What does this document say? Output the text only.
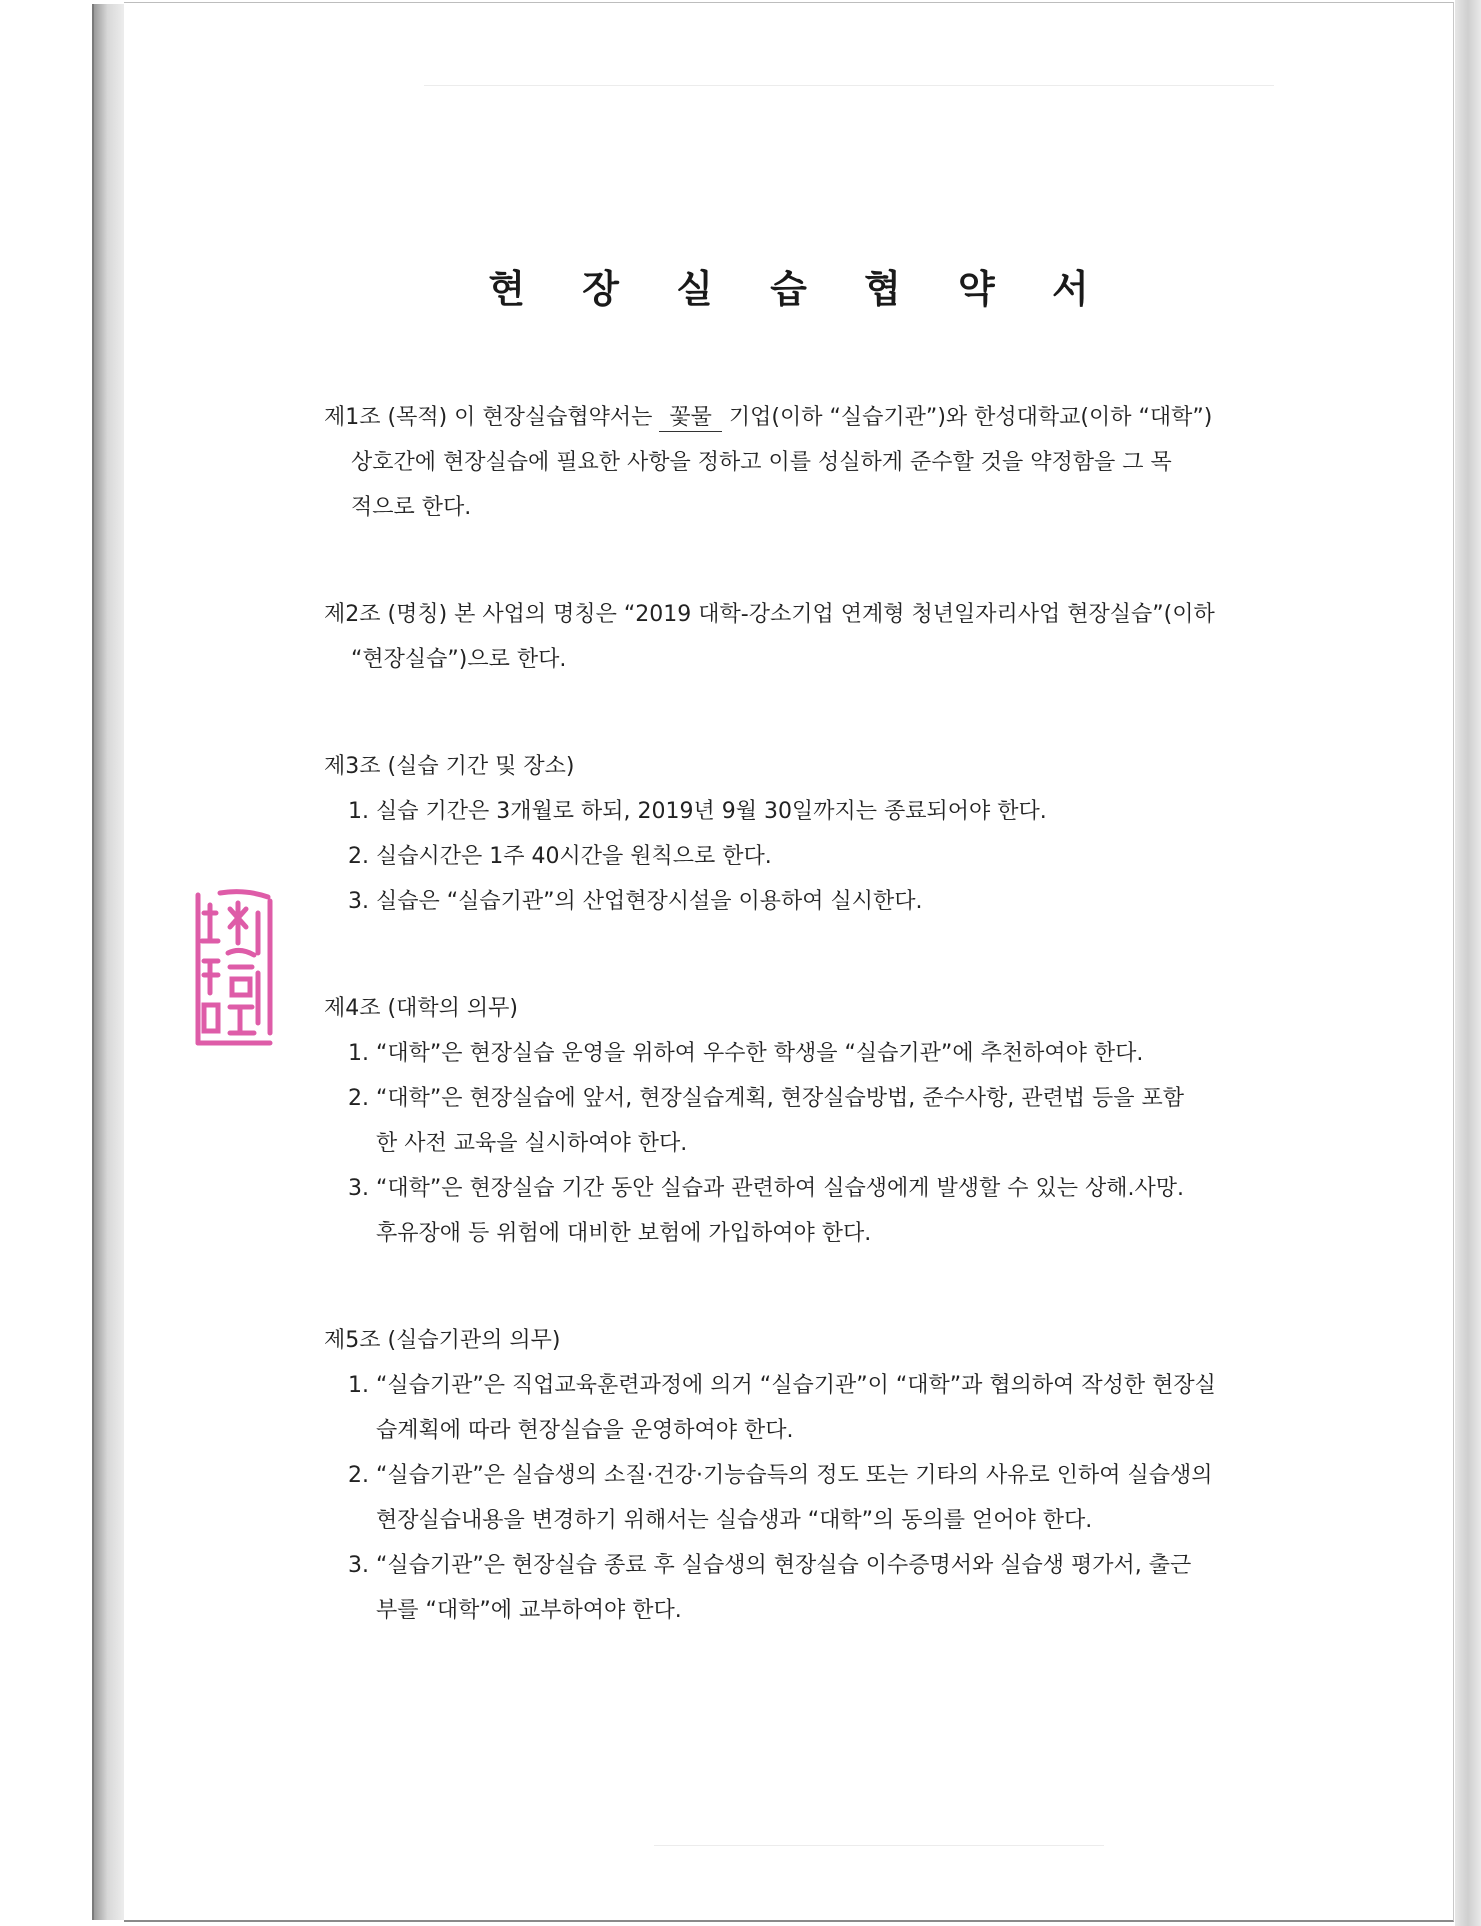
현 장 실 습 협 약 서
제1조 (목적) 이 현장실습협약서는 꽃물 기업(이하 “실습기관”)와 한성대학교(이하 “대학”)
상호간에 현장실습에 필요한 사항을 정하고 이를 성실하게 준수할 것을 약정함을 그 목
적으로 한다.
제2조 (명칭) 본 사업의 명칭은 “2019 대학-강소기업 연계형 청년일자리사업 현장실습”(이하
“현장실습”)으로 한다.
제3조 (실습 기간 및 장소)
1. 실습 기간은 3개월로 하되, 2019년 9월 30일까지는 종료되어야 한다.
2. 실습시간은 1주 40시간을 원칙으로 한다.
3. 실습은 “실습기관”의 산업현장시설을 이용하여 실시한다.
제4조 (대학의 의무)
1. “대학”은 현장실습 운영을 위하여 우수한 학생을 “실습기관”에 추천하여야 한다.
2. “대학”은 현장실습에 앞서, 현장실습계획, 현장실습방법, 준수사항, 관련법 등을 포함
한 사전 교육을 실시하여야 한다.
3. “대학”은 현장실습 기간 동안 실습과 관련하여 실습생에게 발생할 수 있는 상해.사망.
후유장애 등 위험에 대비한 보험에 가입하여야 한다.
제5조 (실습기관의 의무)
1. “실습기관”은 직업교육훈련과정에 의거 “실습기관”이 “대학”과 협의하여 작성한 현장실
습계획에 따라 현장실습을 운영하여야 한다.
2. “실습기관”은 실습생의 소질·건강·기능습득의 정도 또는 기타의 사유로 인하여 실습생의
현장실습내용을 변경하기 위해서는 실습생과 “대학”의 동의를 얻어야 한다.
3. “실습기관”은 현장실습 종료 후 실습생의 현장실습 이수증명서와 실습생 평가서, 출근
부를 “대학”에 교부하여야 한다.
